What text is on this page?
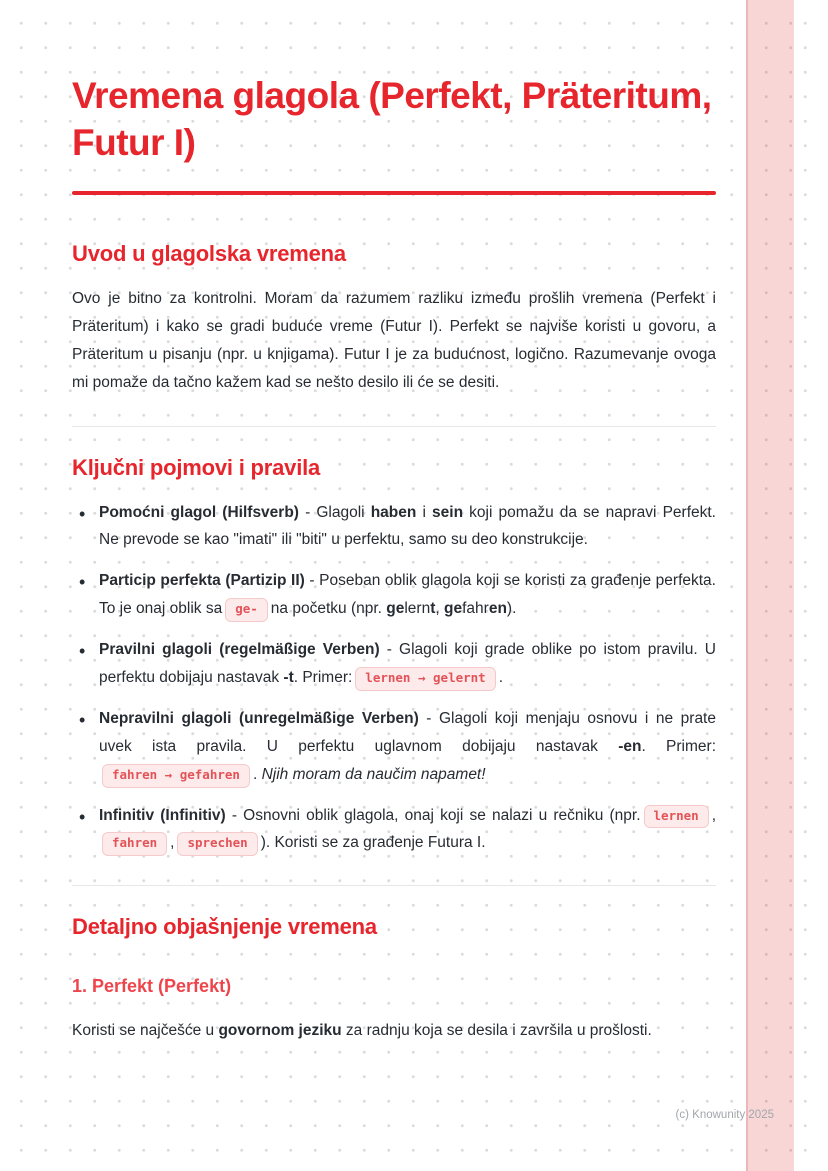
Vremena glagola (Perfekt, Präteritum, Futur I)
Uvod u glagolska vremena

Ovo je bitno za kontrolni. Moram da razumem razliku između prošlih vremena (Perfekt i Präteritum) i kako se gradi buduće vreme (Futur I). Perfekt se najviše koristi u govoru, a Präteritum u pisanju (npr. u knjigama). Futur I je za budućnost, logično. Razumevanje ovoga mi pomaže da tačno kažem kad se nešto desilo ili će se desiti.

Ključni pojmovi i pravila
• Pomoćni glagol (Hilfsverb) - Glagoli haben i sein koji pomažu da se napravi Perfekt. Ne prevode se kao "imati" ili "biti" u perfektu, samo su deo konstrukcije.
• Particip perfekta (Partizip II) - Poseban oblik glagola koji se koristi za građenje perfekta. To je onaj oblik sa ge- na početku (npr. gelernt, gefahren).
• Pravilni glagoli (regelmäßige Verben) - Glagoli koji grade oblike po istom pravilu. U perfektu dobijaju nastavak -t. Primer: lernen → gelernt .
• Nepravilni glagoli (unregelmäßige Verben) - Glagoli koji menjaju osnovu i ne prate uvek ista pravila. U perfektu uglavnom dobijaju nastavak -en. Primer:fahren → gefahren . Njih moram da naučim napamet!
• Infinitiv (Infinitiv) - Osnovni oblik glagola, onaj koji se nalazi u rečniku (npr. lernen ,fahren , sprechen ). Koristi se za građenje Futura I.
Detaljno objašnjenje vremena
1. Perfekt (Perfekt)

Koristi se najčešće u govornom jeziku za radnju koja se desila i završila u prošlosti.

(c) Knowunity 2025
